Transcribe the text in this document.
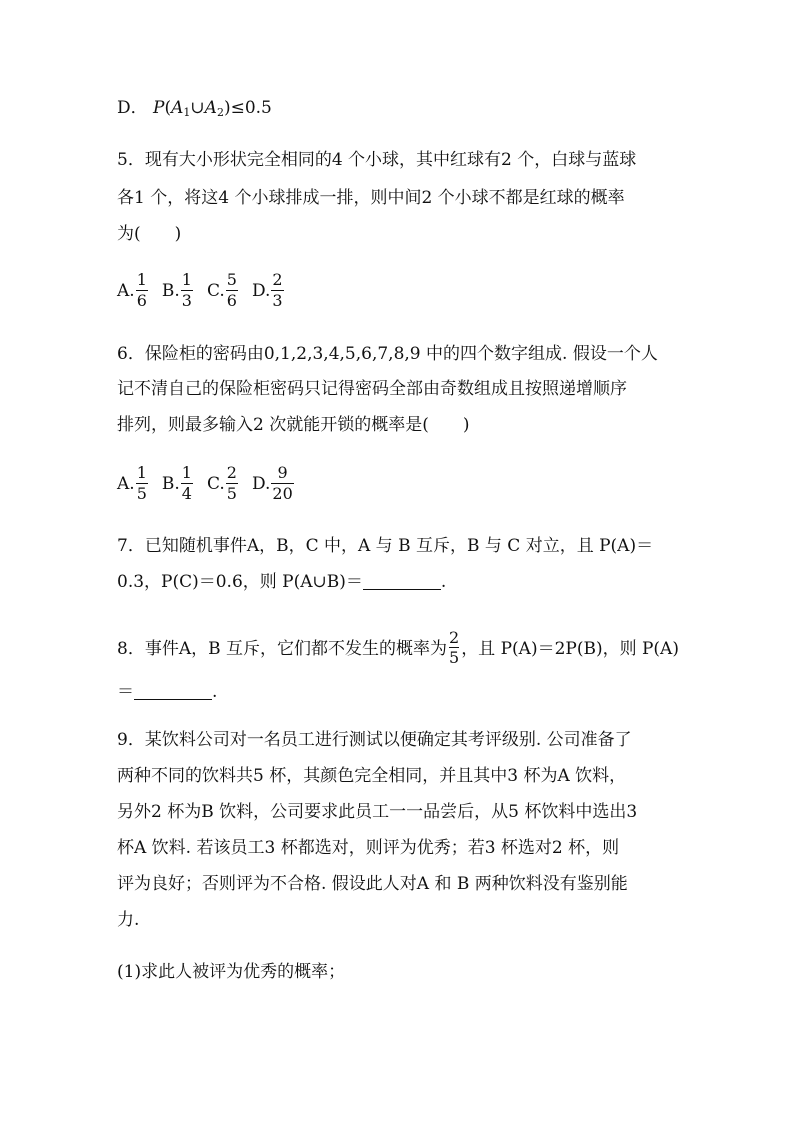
D． $P(A_1\cup A_2)\le 0.5$
5．现有大小形状完全相同的4 个小球，其中红球有2 个，白球与蓝球
各1 个，将这4 个小球排成一排，则中间2 个小球不都是红球的概率
为(　　)
A. $\frac{1}{6} B$. $\frac{1}{3} C$. $\frac{5}{6} D$. $\frac{2}{3}$
6．保险柜的密码由0,1,2,3,4,5,6,7,8,9 中的四个数字组成. 假设一个人
记不清自己的保险柜密码只记得密码全部由奇数组成且按照递增顺序
排列，则最多输入2 次就能开锁的概率是(　　)
A. $\frac{1}{5} B$. $\frac{1}{4} C$. $\frac{2}{5} D$. $\frac{9}{20}$
7．已知随机事件A，B，C 中，A 与 B 互斥，B 与 C 对立，且 P(A)＝
0.3，P(C)＝0.6，则 P(A∪B)＝	.
8．事件A，B 互斥，它们都不发生的概率为 $\frac{2}{5}$ ，且 P(A)＝2P(B)，则 P(A)
＝	.
9．某饮料公司对一名员工进行测试以便确定其考评级别. 公司准备了
两种不同的饮料共5 杯，其颜色完全相同，并且其中3 杯为A 饮料，
另外2 杯为B 饮料，公司要求此员工一一品尝后，从5 杯饮料中选出3
杯A 饮料. 若该员工3 杯都选对，则评为优秀；若3 杯选对2 杯，则
评为良好；否则评为不合格. 假设此人对A 和 B 两种饮料没有鉴别能
力.
(1)求此人被评为优秀的概率；
